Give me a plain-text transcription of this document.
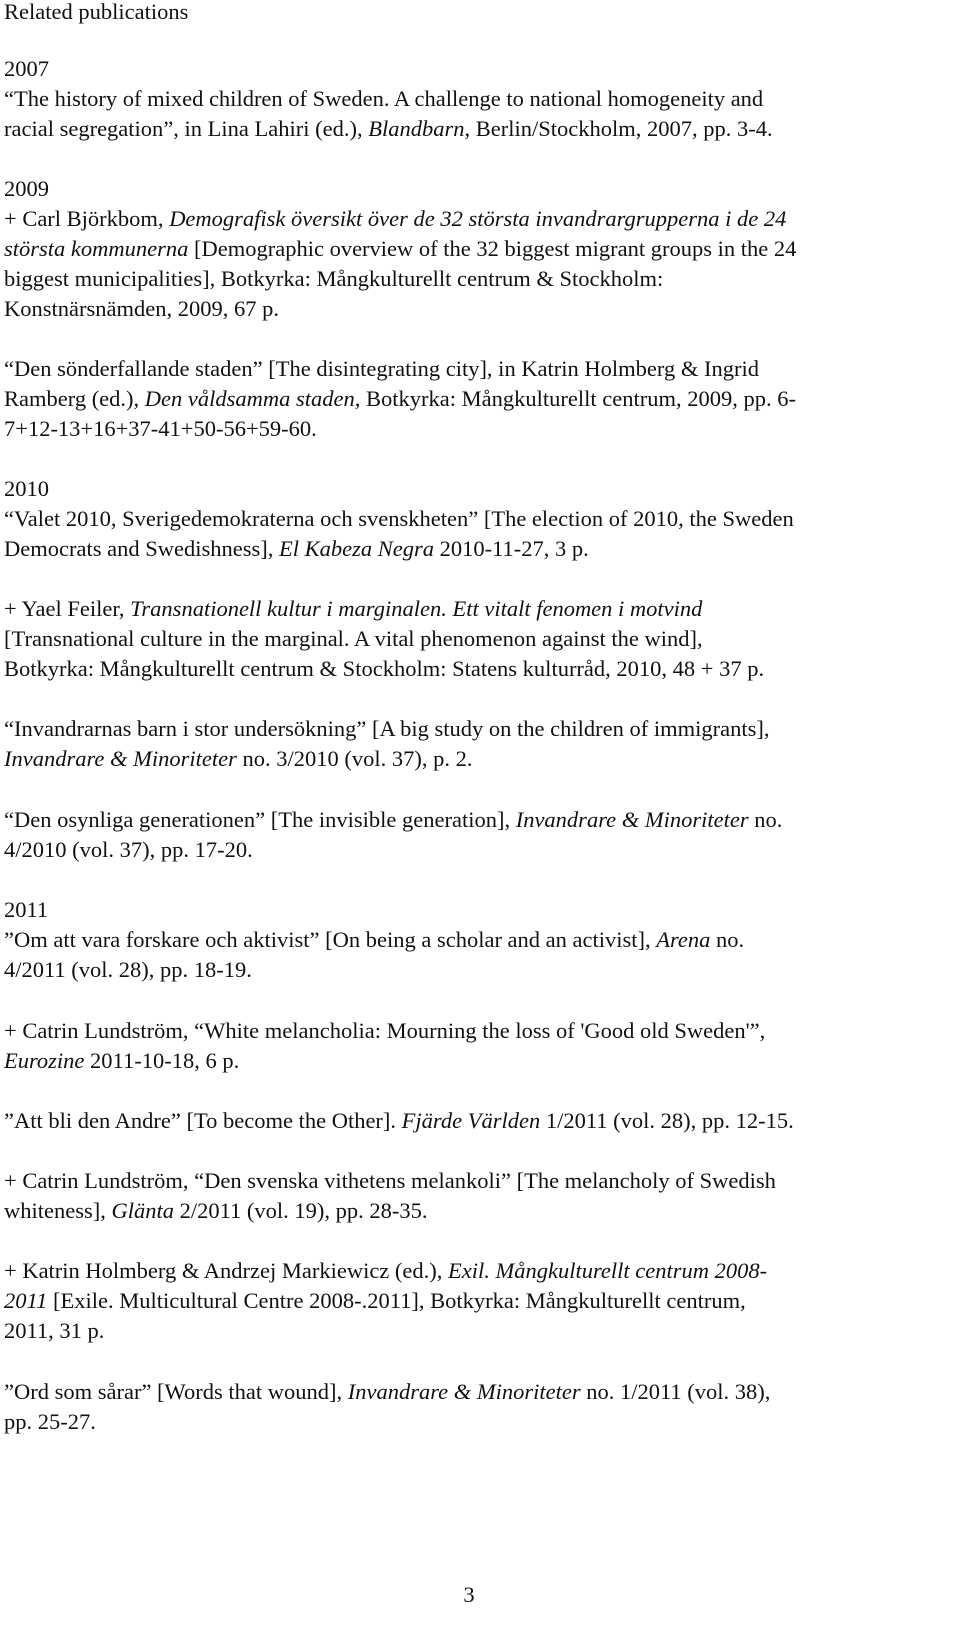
Related publications
2007
“The history of mixed children of Sweden. A challenge to national homogeneity and
racial segregation”, in Lina Lahiri (ed.), Blandbarn, Berlin/Stockholm, 2007, pp. 3-4.
2009
+ Carl Björkbom, Demografisk översikt över de 32 största invandrargrupperna i de 24
största kommunerna [Demographic overview of the 32 biggest migrant groups in the 24
biggest municipalities], Botkyrka: Mångkulturellt centrum & Stockholm:
Konstnärsnämden, 2009, 67 p.
“Den sönderfallande staden” [The disintegrating city], in Katrin Holmberg & Ingrid
Ramberg (ed.), Den våldsamma staden, Botkyrka: Mångkulturellt centrum, 2009, pp. 6-
7+12-13+16+37-41+50-56+59-60.
2010
“Valet 2010, Sverigedemokraterna och svenskheten” [The election of 2010, the Sweden
Democrats and Swedishness], El Kabeza Negra 2010-11-27, 3 p.
+ Yael Feiler, Transnationell kultur i marginalen. Ett vitalt fenomen i motvind
[Transnational culture in the marginal. A vital phenomenon against the wind],
Botkyrka: Mångkulturellt centrum & Stockholm: Statens kulturråd, 2010, 48 + 37 p.
“Invandrarnas barn i stor undersökning” [A big study on the children of immigrants],
Invandrare & Minoriteter no. 3/2010 (vol. 37), p. 2.
“Den osynliga generationen” [The invisible generation], Invandrare & Minoriteter no.
4/2010 (vol. 37), pp. 17-20.
2011
”Om att vara forskare och aktivist” [On being a scholar and an activist], Arena no.
4/2011 (vol. 28), pp. 18-19.
+ Catrin Lundström, “White melancholia: Mourning the loss of 'Good old Sweden'”,
Eurozine 2011-10-18, 6 p.
”Att bli den Andre” [To become the Other]. Fjärde Världen 1/2011 (vol. 28), pp. 12-15.
+ Catrin Lundström, “Den svenska vithetens melankoli” [The melancholy of Swedish
whiteness], Glänta 2/2011 (vol. 19), pp. 28-35.
+ Katrin Holmberg & Andrzej Markiewicz (ed.), Exil. Mångkulturellt centrum 2008-
2011 [Exile. Multicultural Centre 2008-.2011], Botkyrka: Mångkulturellt centrum,
2011, 31 p.
”Ord som sårar” [Words that wound], Invandrare & Minoriteter no. 1/2011 (vol. 38),
pp. 25-27.
3
